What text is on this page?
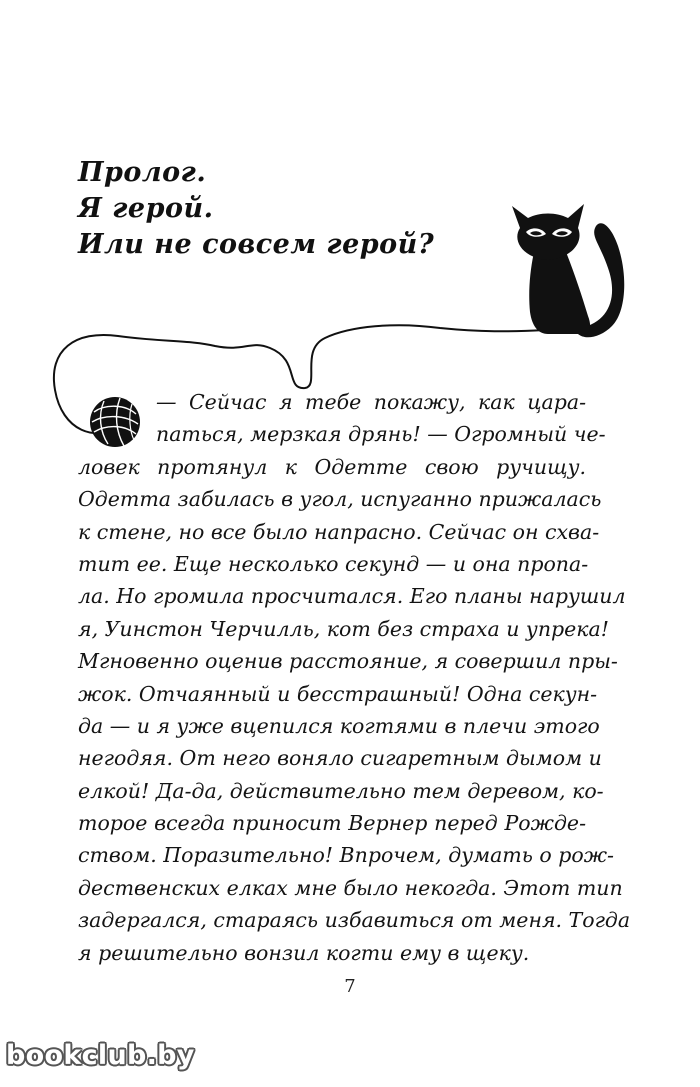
Пролог.
Я герой.
Или не совсем герой?
— Сейчас я тебе покажу, как цара-
паться, мерзкая дрянь! — Огромный че-
ловек протянул к Одетте свою ручищу.
Одетта забилась в угол, испуганно прижалась
к стене, но все было напрасно. Сейчас он схва-
тит ее. Еще несколько секунд — и она пропа-
ла. Но громила просчитался. Его планы нарушил
я, Уинстон Черчилль, кот без страха и упрека!
Мгновенно оценив расстояние, я совершил пры-
жок. Отчаянный и бесстрашный! Одна секун-
да — и я уже вцепился когтями в плечи этого
негодяя. От него воняло сигаретным дымом и
елкой! Да-да, действительно тем деревом, ко-
торое всегда приносит Вернер перед Рожде-
ством. Поразительно! Впрочем, думать о рож-
дественских елках мне было некогда. Этот тип
задергался, стараясь избавиться от меня. Тогда
я решительно вонзил когти ему в щеку.
7
bookclub.by
